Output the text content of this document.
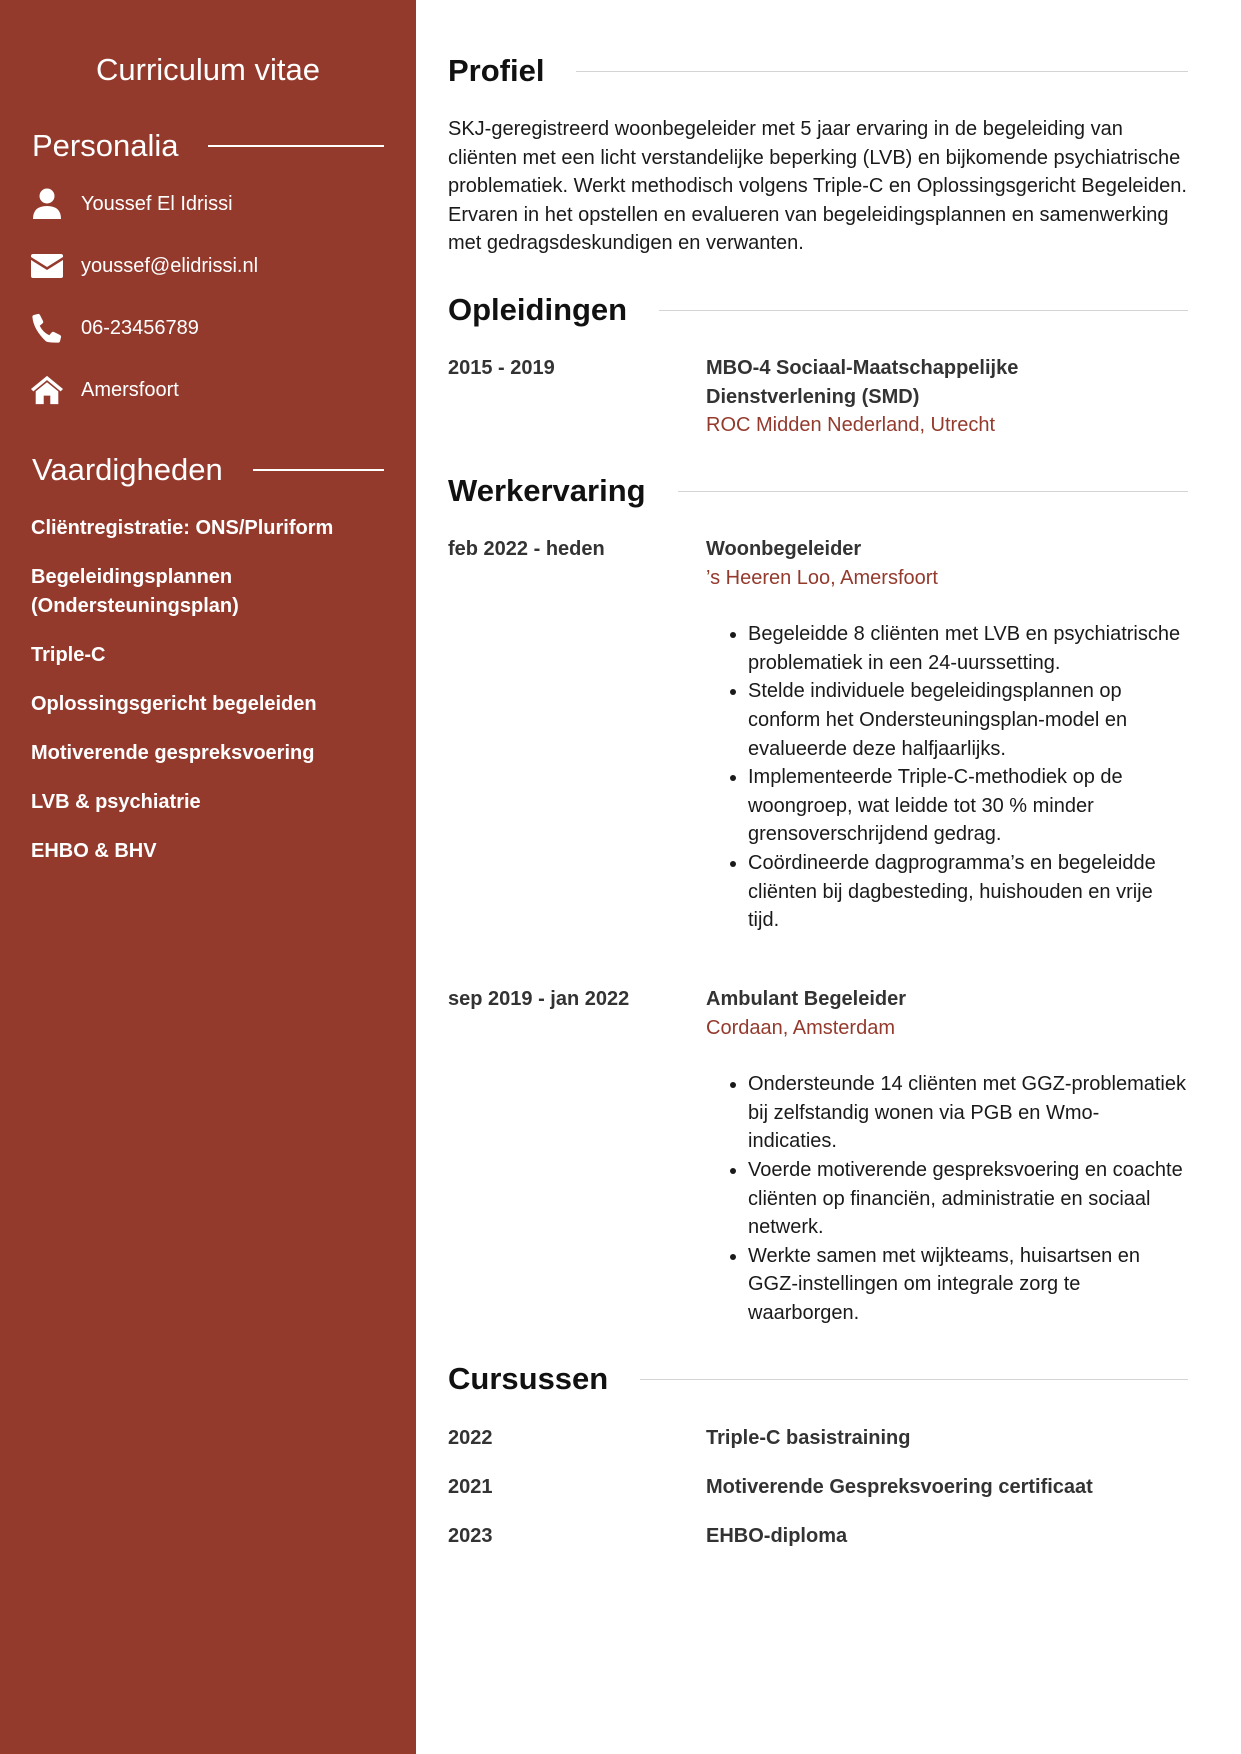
Curriculum vitae
Personalia
Youssef El Idrissi
youssef@elidrissi.nl
06-23456789
Amersfoort
Vaardigheden
Cliëntregistratie: ONS/Pluriform
Begeleidingsplannen (Ondersteuningsplan)
Triple-C
Oplossingsgericht begeleiden
Motiverende gespreksvoering
LVB & psychiatrie
EHBO & BHV
Profiel

SKJ-geregistreerd woonbegeleider met 5 jaar ervaring in de begeleiding van cliënten met een licht verstandelijke beperking (LVB) en bijkomende psychiatrische problematiek. Werkt methodisch volgens Triple-C en Oplossingsgericht Begeleiden. Ervaren in het opstellen en evalueren van begeleidingsplannen en samenwerking met gedragsdeskundigen en verwanten.

Opleidingen
2015 - 2019	MBO-4 Sociaal-Maatschappelijke Dienstverlening (SMD)
ROC Midden Nederland, Utrecht
Werkervaring
feb 2022 - heden	Woonbegeleider
’s Heeren Loo, Amersfoort
• Begeleidde 8 cliënten met LVB en psychiatrische problematiek in een 24-uurssetting.
• Stelde individuele begeleidingsplannen op conform het Ondersteuningsplan-model en evalueerde deze halfjaarlijks.
• Implementeerde Triple-C-methodiek op de woongroep, wat leidde tot 30 % minder grensoverschrijdend gedrag.
• Coördineerde dagprogramma’s en begeleidde cliënten bij dagbesteding, huishouden en vrije tijd.
sep 2019 - jan 2022	Ambulant Begeleider
Cordaan, Amsterdam
• Ondersteunde 14 cliënten met GGZ-problematiek bij zelfstandig wonen via PGB en Wmo-indicaties.
• Voerde motiverende gespreksvoering en coachte cliënten op financiën, administratie en sociaal netwerk.
• Werkte samen met wijkteams, huisartsen en GGZ-instellingen om integrale zorg te waarborgen.
Cursussen
2022	Triple-C basistraining
2021	Motiverende Gespreksvoering certificaat
2023	EHBO-diploma
